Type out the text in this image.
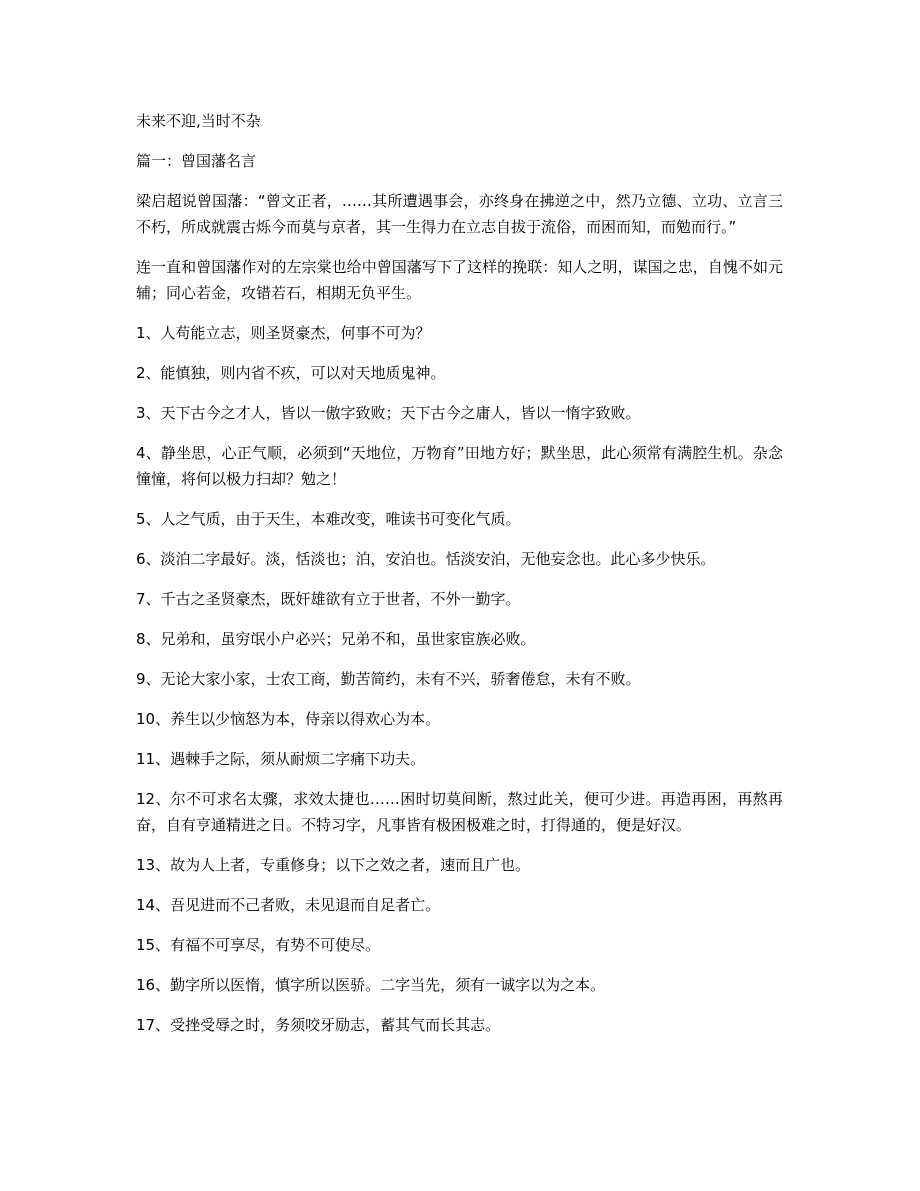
未来不迎,当时不杂

篇一：曾国藩名言

梁启超说曾国藩：“曾文正者，……其所遭遇事会，亦终身在拂逆之中，然乃立德、立功、立言三不朽，所成就震古烁今而莫与京者，其一生得力在立志自拔于流俗，而困而知，而勉而行。”

连一直和曾国藩作对的左宗棠也给中曾国藩写下了这样的挽联：知人之明，谋国之忠，自愧不如元辅；同心若金，攻错若石，相期无负平生。

1、人苟能立志，则圣贤豪杰，何事不可为？

2、能慎独，则内省不疚，可以对天地质鬼神。

3、天下古今之才人，皆以一傲字致败；天下古今之庸人，皆以一惰字致败。

4、静坐思，心正气顺，必须到“天地位，万物育”田地方好；默坐思，此心须常有满腔生机。杂念憧憧，将何以极力扫却？勉之！

5、人之气质，由于天生，本难改变，唯读书可变化气质。

6、淡泊二字最好。淡，恬淡也；泊，安泊也。恬淡安泊，无他妄念也。此心多少快乐。

7、千古之圣贤豪杰，既奸雄欲有立于世者，不外一勤字。

8、兄弟和，虽穷氓小户必兴；兄弟不和，虽世家宦族必败。

9、无论大家小家，士农工商，勤苦简约，未有不兴，骄奢倦怠，未有不败。

10、养生以少恼怒为本，侍亲以得欢心为本。

11、遇棘手之际，须从耐烦二字痛下功夫。

12、尔不可求名太骤，求效太捷也……困时切莫间断，熬过此关，便可少进。再造再困，再熬再奋，自有亨通精进之日。不特习字，凡事皆有极困极难之时，打得通的，便是好汉。

13、故为人上者，专重修身；以下之效之者，速而且广也。

14、吾见进而不己者败，未见退而自足者亡。

15、有福不可享尽，有势不可使尽。

16、勤字所以医惰，慎字所以医骄。二字当先，须有一诚字以为之本。

17、受挫受辱之时，务须咬牙励志，蓄其气而长其志。
